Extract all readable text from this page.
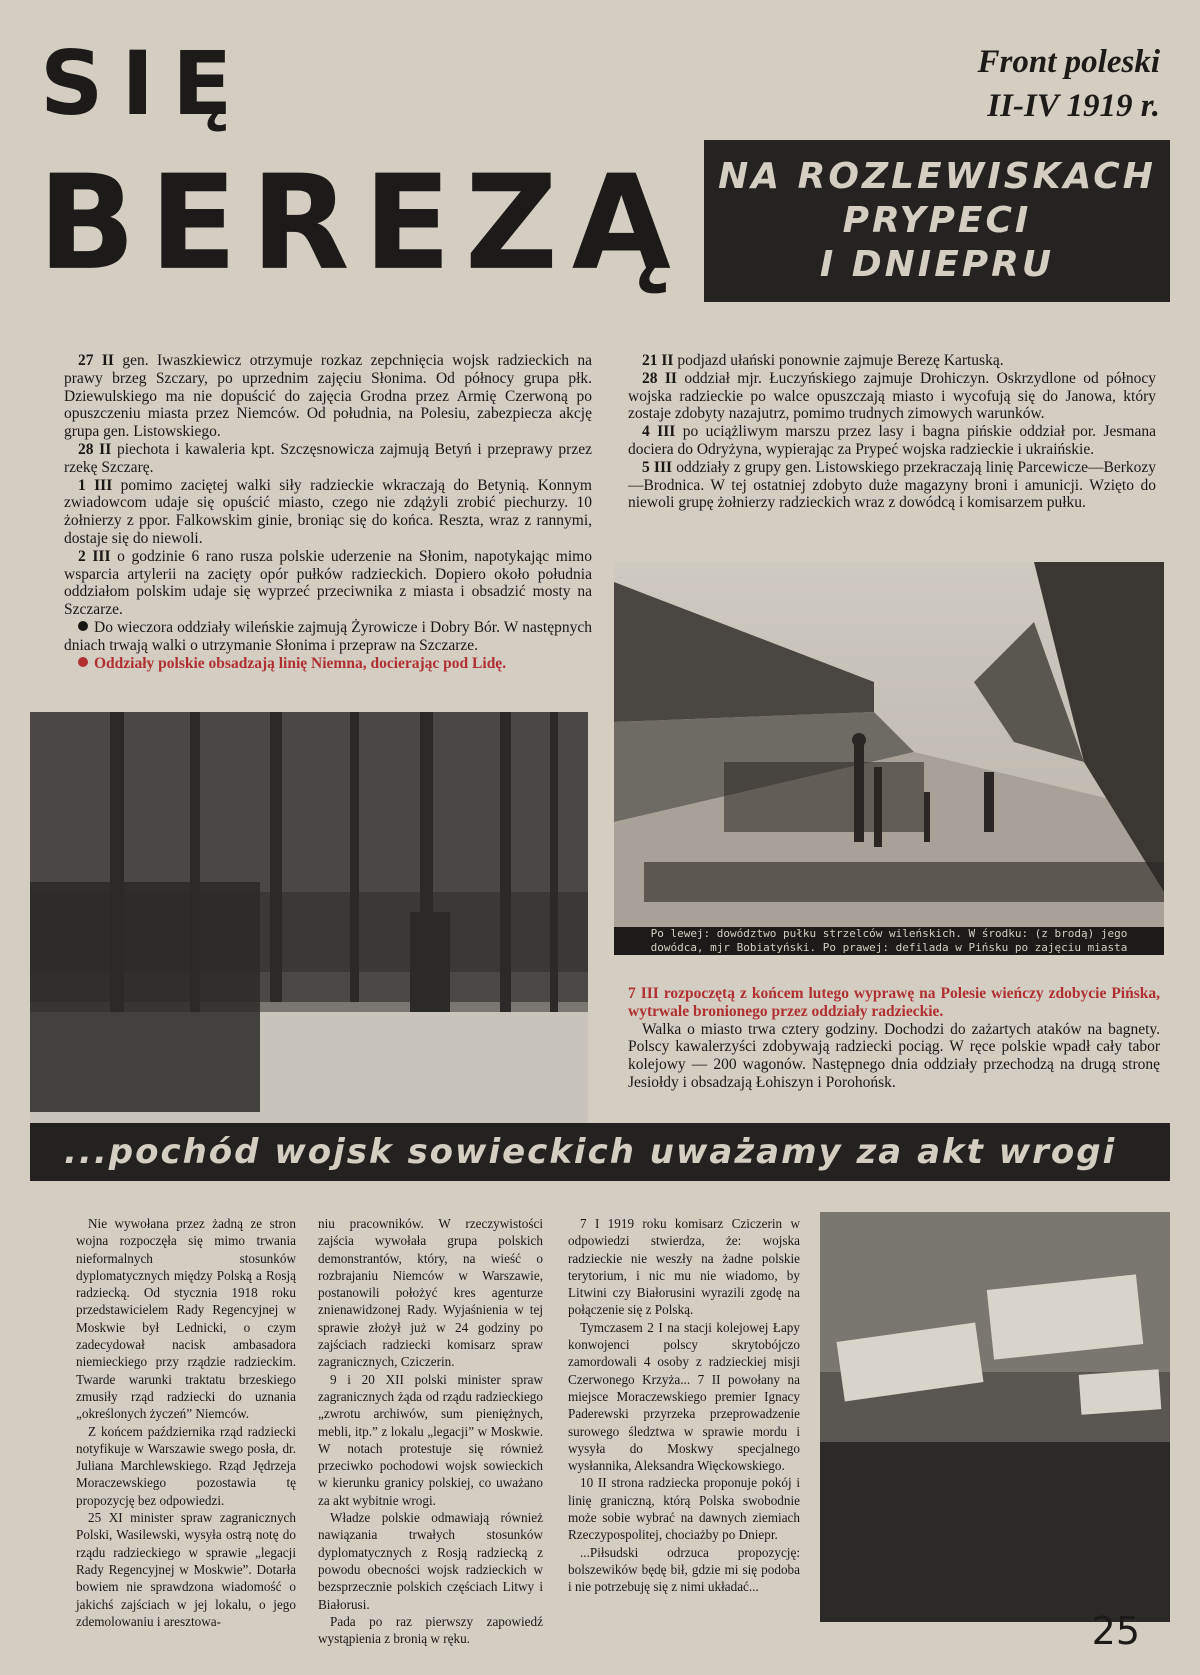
SIĘ
BEREZĄ
Front poleski
II-IV 1919 r.
NA ROZLEWISKACH
PRYPECI
I DNIEPRU

27 II gen. Iwaszkiewicz otrzymuje rozkaz zepchnięcia wojsk radzieckich na prawy brzeg Szczary, po uprzednim zajęciu Słonima. Od północy grupa płk. Dziewulskiego ma nie dopuścić do zajęcia Grodna przez Armię Czerwoną po opuszczeniu miasta przez Niemców. Od południa, na Polesiu, zabezpiecza akcję grupa gen. Listowskiego.

28 II piechota i kawaleria kpt. Szczęsnowicza zajmują Betyń i przeprawy przez rzekę Szczarę.

1 III pomimo zaciętej walki siły radzieckie wkraczają do Betynią. Konnym zwiadowcom udaje się opuścić miasto, czego nie zdążyli zrobić piechurzy. 10 żołnierzy z ppor. Falkowskim ginie, broniąc się do końca. Reszta, wraz z rannymi, dostaje się do niewoli.

2 III o godzinie 6 rano rusza polskie uderzenie na Słonim, napotykając mimo wsparcia artylerii na zacięty opór pułków radzieckich. Dopiero około południa oddziałom polskim udaje się wyprzeć przeciwnika z miasta i obsadzić mosty na Szczarze.

Do wieczora oddziały wileńskie zajmują Żyrowicze i Dobry Bór. W następnych dniach trwają walki o utrzymanie Słonima i przepraw na Szczarze.

Oddziały polskie obsadzają linię Niemna, docierając pod Lidę.

21 II podjazd ułański ponownie zajmuje Berezę Kartuską.

28 II oddział mjr. Łuczyńskiego zajmuje Drohiczyn. Oskrzydlone od północy wojska radzieckie po walce opuszczają miasto i wycofują się do Janowa, który zostaje zdobyty nazajutrz, pomimo trudnych zimowych warunków.

4 III po uciążliwym marszu przez lasy i bagna pińskie oddział por. Jesmana dociera do Odryżyna, wypierając za Prypeć wojska radzieckie i ukraińskie.

5 III oddziały z grupy gen. Listowskiego przekraczają linię Parcewicze—Berkozy—Brodnica. W tej ostatniej zdobyto duże magazyny broni i amunicji. Wzięto do niewoli grupę żołnierzy radzieckich wraz z dowódcą i komisarzem pułku.

Po lewej: dowództwo pułku strzelców wileńskich. W środku: (z brodą) jego
dowódca, mjr Bobiatyński. Po prawej: defilada w Pińsku po zajęciu miasta

7 III rozpoczętą z końcem lutego wyprawę na Polesie wieńczy zdobycie Pińska, wytrwale bronionego przez oddziały radzieckie.

Walka o miasto trwa cztery godziny. Dochodzi do zażartych ataków na bagnety. Polscy kawalerzyści zdobywają radziecki pociąg. W ręce polskie wpadł cały tabor kolejowy — 200 wagonów. Następnego dnia oddziały przechodzą na drugą stronę Jesiołdy i obsadzają Łohiszyn i Porohońsk.

...pochód wojsk sowieckich uważamy za akt wrogi

Nie wywołana przez żadną ze stron wojna rozpoczęła się mimo trwania nieformalnych stosunków dyplomatycznych między Polską a Rosją radziecką. Od stycznia 1918 roku przedstawicielem Rady Regencyjnej w Moskwie był Lednicki, o czym zadecydował nacisk ambasadora niemieckiego przy rządzie radzieckim. Twarde warunki traktatu brzeskiego zmusiły rząd radziecki do uznania „określonych życzeń” Niemców.

Z końcem października rząd radziecki notyfikuje w Warszawie swego posła, dr. Juliana Marchlewskiego. Rząd Jędrzeja Moraczewskiego pozostawia tę propozycję bez odpowiedzi.

25 XI minister spraw zagranicznych Polski, Wasilewski, wysyła ostrą notę do rządu radzieckiego w sprawie „legacji Rady Regencyjnej w Moskwie”. Dotarła bowiem nie sprawdzona wiadomość o jakichś zajściach w jej lokalu, o jego zdemolowaniu i aresztowa-

niu pracowników. W rzeczywistości zajścia wywołała grupa polskich demonstrantów, który, na wieść o rozbrajaniu Niemców w Warszawie, postanowili położyć kres agenturze znienawidzonej Rady. Wyjaśnienia w tej sprawie złożył już w 24 godziny po zajściach radziecki komisarz spraw zagranicznych, Cziczerin.

9 i 20 XII polski minister spraw zagranicznych żąda od rządu radzieckiego „zwrotu archiwów, sum pieniężnych, mebli, itp.” z lokalu „legacji” w Moskwie. W notach protestuje się również przeciwko pochodowi wojsk sowieckich w kierunku granicy polskiej, co uważano za akt wybitnie wrogi.

Władze polskie odmawiają również nawiązania trwałych stosunków dyplomatycznych z Rosją radziecką z powodu obecności wojsk radzieckich w bezsprzecznie polskich częściach Litwy i Białorusi.

Pada po raz pierwszy zapowiedź wystąpienia z bronią w ręku.

7 I 1919 roku komisarz Cziczerin w odpowiedzi stwierdza, że: wojska radzieckie nie weszły na żadne polskie terytorium, i nic mu nie wiadomo, by Litwini czy Białorusini wyrazili zgodę na połączenie się z Polską.

Tymczasem 2 I na stacji kolejowej Łapy konwojenci polscy skrytobójczo zamordowali 4 osoby z radzieckiej misji Czerwonego Krzyża... 7 II powołany na miejsce Moraczewskiego premier Ignacy Paderewski przyrzeka przeprowadzenie surowego śledztwa w sprawie mordu i wysyła do Moskwy specjalnego wysłannika, Aleksandra Więckowskiego.

10 II strona radziecka proponuje pokój i linię graniczną, którą Polska swobodnie może sobie wybrać na dawnych ziemiach Rzeczypospolitej, chociażby po Dniepr.

...Piłsudski odrzuca propozycję: bolszewików będę bił, gdzie mi się podoba i nie potrzebuję się z nimi układać...

25
